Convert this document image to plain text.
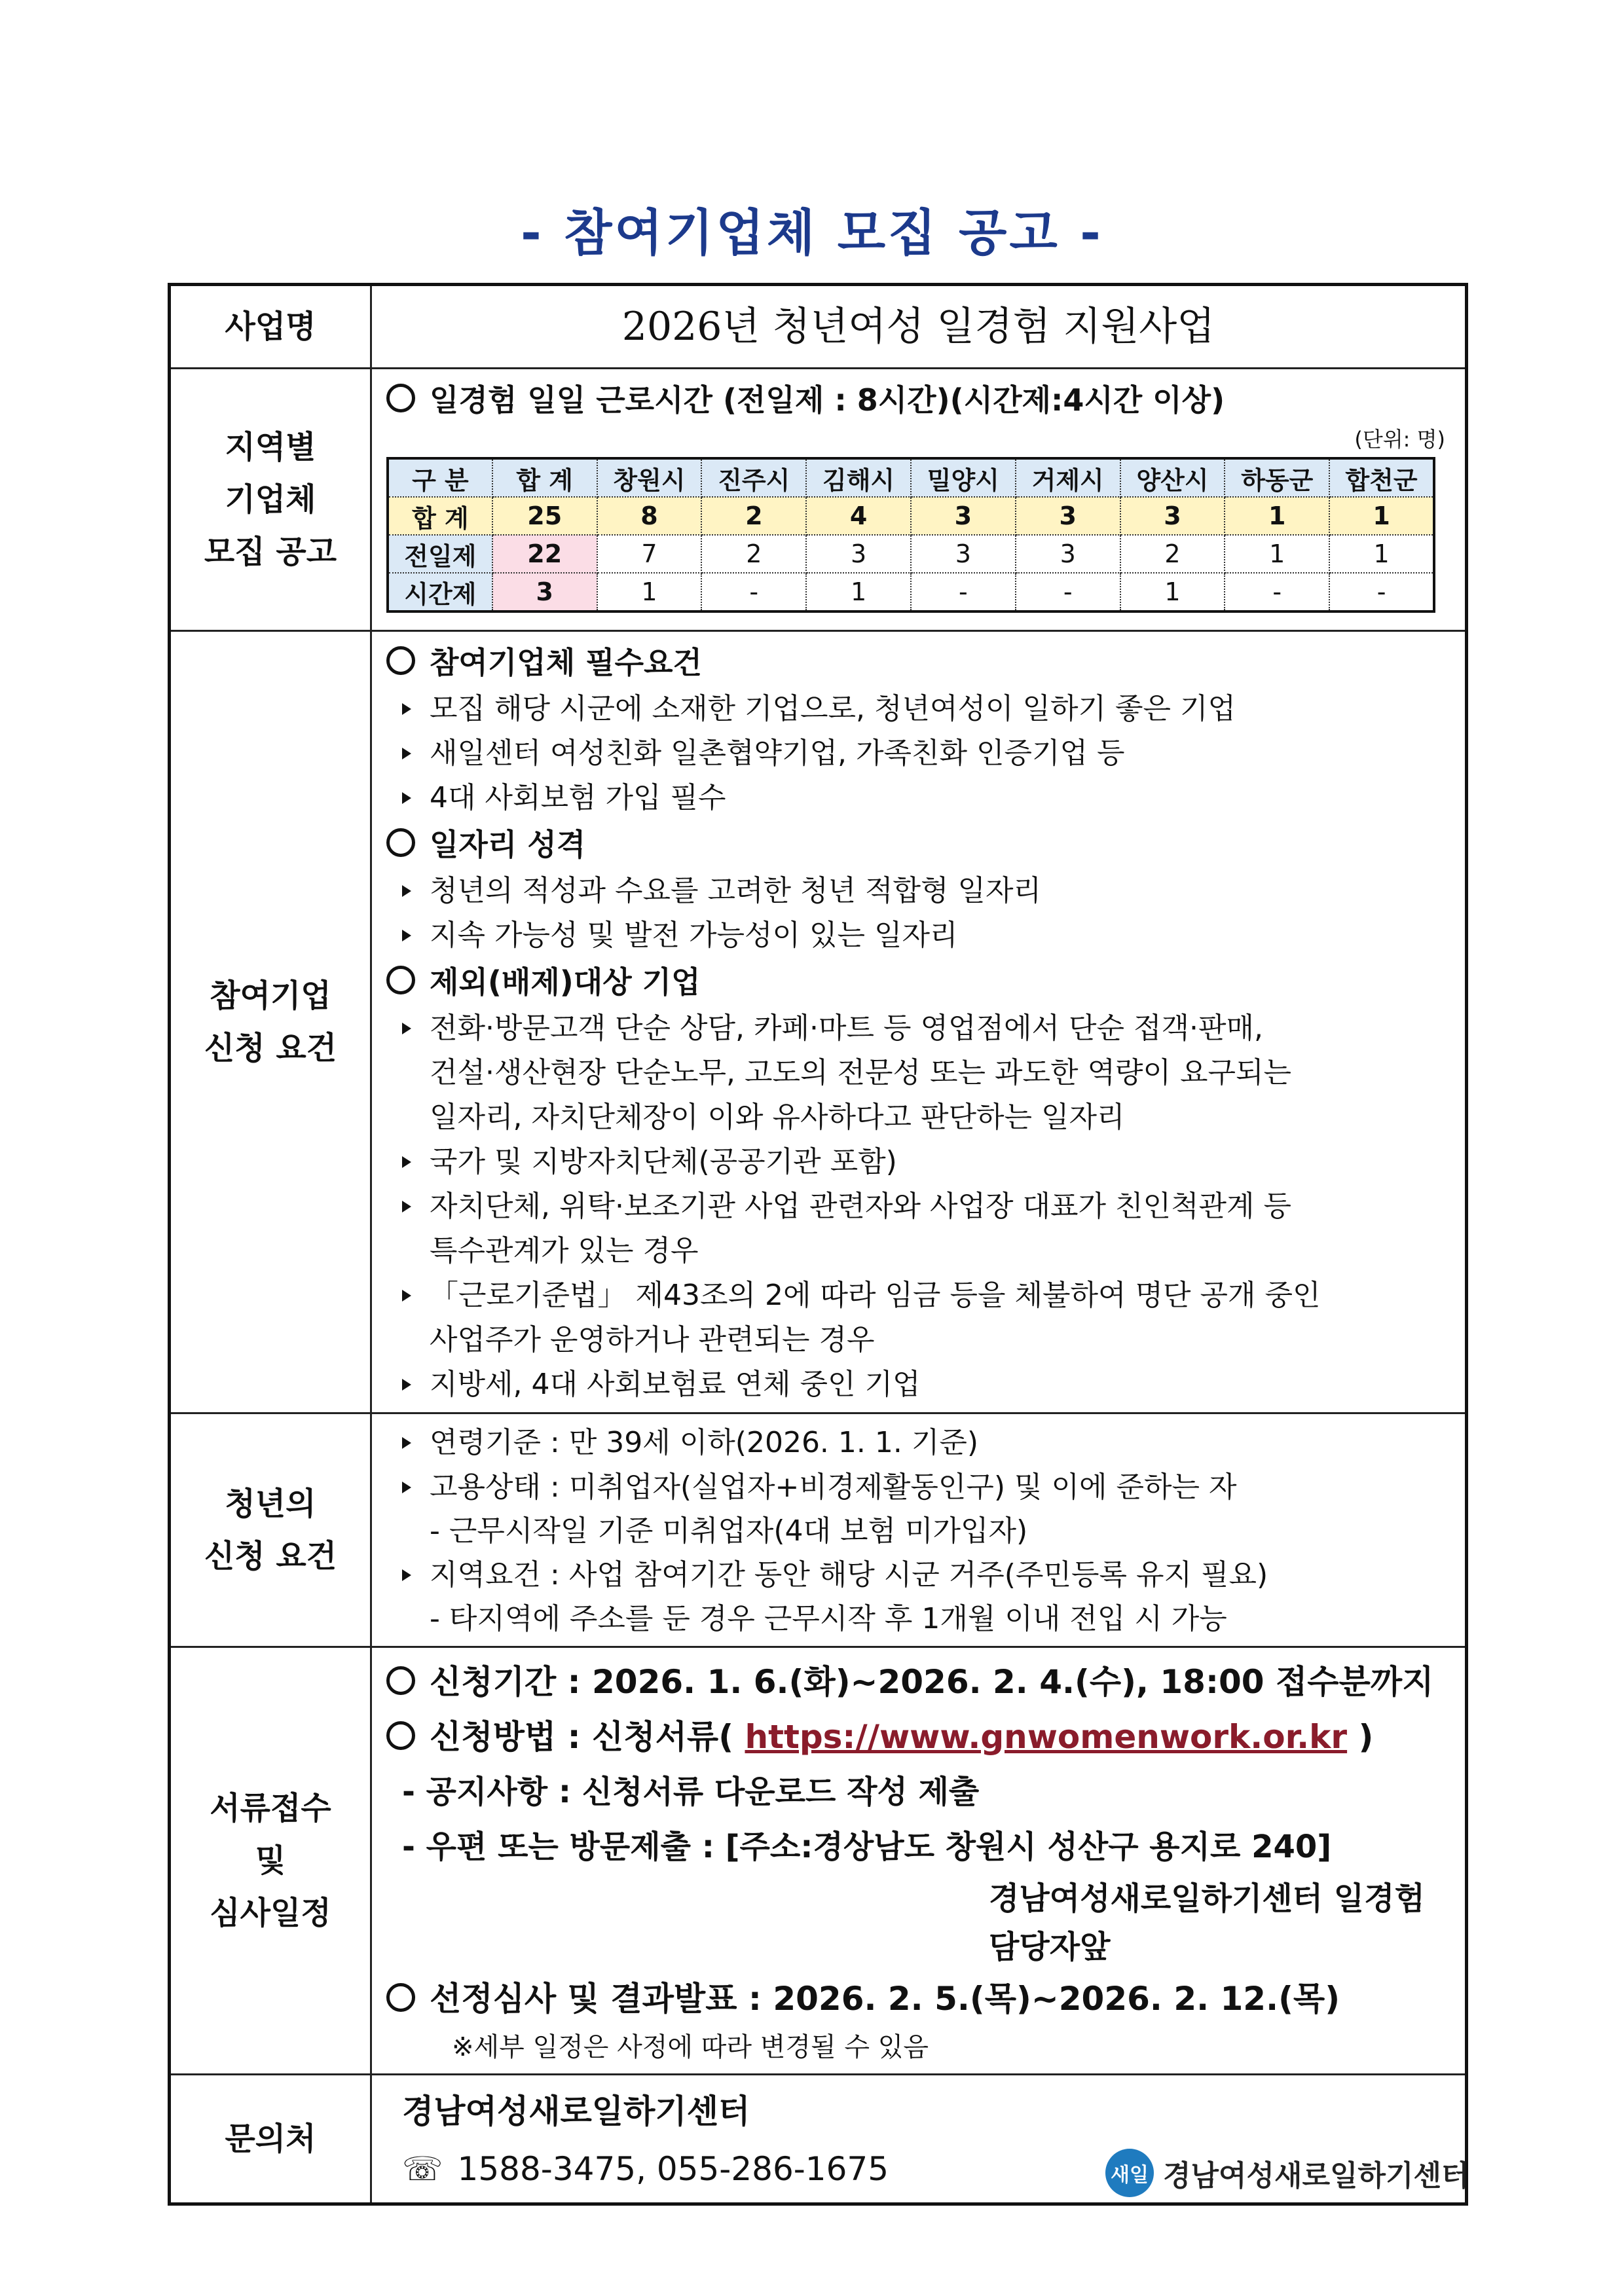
- 참여기업체 모집 공고 -
사업명	2026년 청년여성 일경험 지원사업

지역별
기업체
모집 공고

일경험 일일 근로시간 (전일제 : 8시간)(시간제:4시간 이상)
(단위: 명)
구 분	합 계	창원시	진주시	김해시	밀양시	거제시	양산시	하동군	합천군
합 계	25	8	2	4	3	3	3	1	1
전일제	22	7	2	3	3	3	2	1	1
시간제	3	1	-	1	-	-	1	-	-

참여기업
신청 요건

참여기업체 필수요건
모집 해당 시군에 소재한 기업으로, 청년여성이 일하기 좋은 기업
새일센터 여성친화 일촌협약기업, 가족친화 인증기업 등
4대 사회보험 가입 필수
일자리 성격
청년의 적성과 수요를 고려한 청년 적합형 일자리
지속 가능성 및 발전 가능성이 있는 일자리
제외(배제)대상 기업
전화·방문고객 단순 상담, 카페·마트 등 영업점에서 단순 접객·판매,
건설·생산현장 단순노무, 고도의 전문성 또는 과도한 역량이 요구되는
일자리, 자치단체장이 이와 유사하다고 판단하는 일자리
국가 및 지방자치단체(공공기관 포함)
자치단체, 위탁·보조기관 사업 관련자와 사업장 대표가 친인척관계 등
특수관계가 있는 경우
「근로기준법」 제43조의 2에 따라 임금 등을 체불하여 명단 공개 중인
사업주가 운영하거나 관련되는 경우
지방세, 4대 사회보험료 연체 중인 기업

청년의
신청 요건

연령기준 : 만 39세 이하(2026. 1. 1. 기준)
고용상태 : 미취업자(실업자+비경제활동인구) 및 이에 준하는 자
- 근무시작일 기준 미취업자(4대 보험 미가입자)
지역요건 : 사업 참여기간 동안 해당 시군 거주(주민등록 유지 필요)
- 타지역에 주소를 둔 경우 근무시작 후 1개월 이내 전입 시 가능

서류접수
및
심사일정

신청기간 : 2026. 1. 6.(화)~2026. 2. 4.(수), 18:00 접수분까지
신청방법 : 신청서류( https://www.gnwomenwork.or.kr )
- 공지사항 : 신청서류 다운로드 작성 제출
- 우편 또는 방문제출 : [주소:경상남도 창원시 성산구 용지로 240]
경남여성새로일하기센터 일경험 담당자앞
선정심사 및 결과발표 : 2026. 2. 5.(목)~2026. 2. 12.(목)
※세부 일정은 사정에 따라 변경될 수 있음

문의처	
경남여성새로일하기센터
☏ 1588-3475, 055-286-1675	새일 경남여성새로일하기센터
